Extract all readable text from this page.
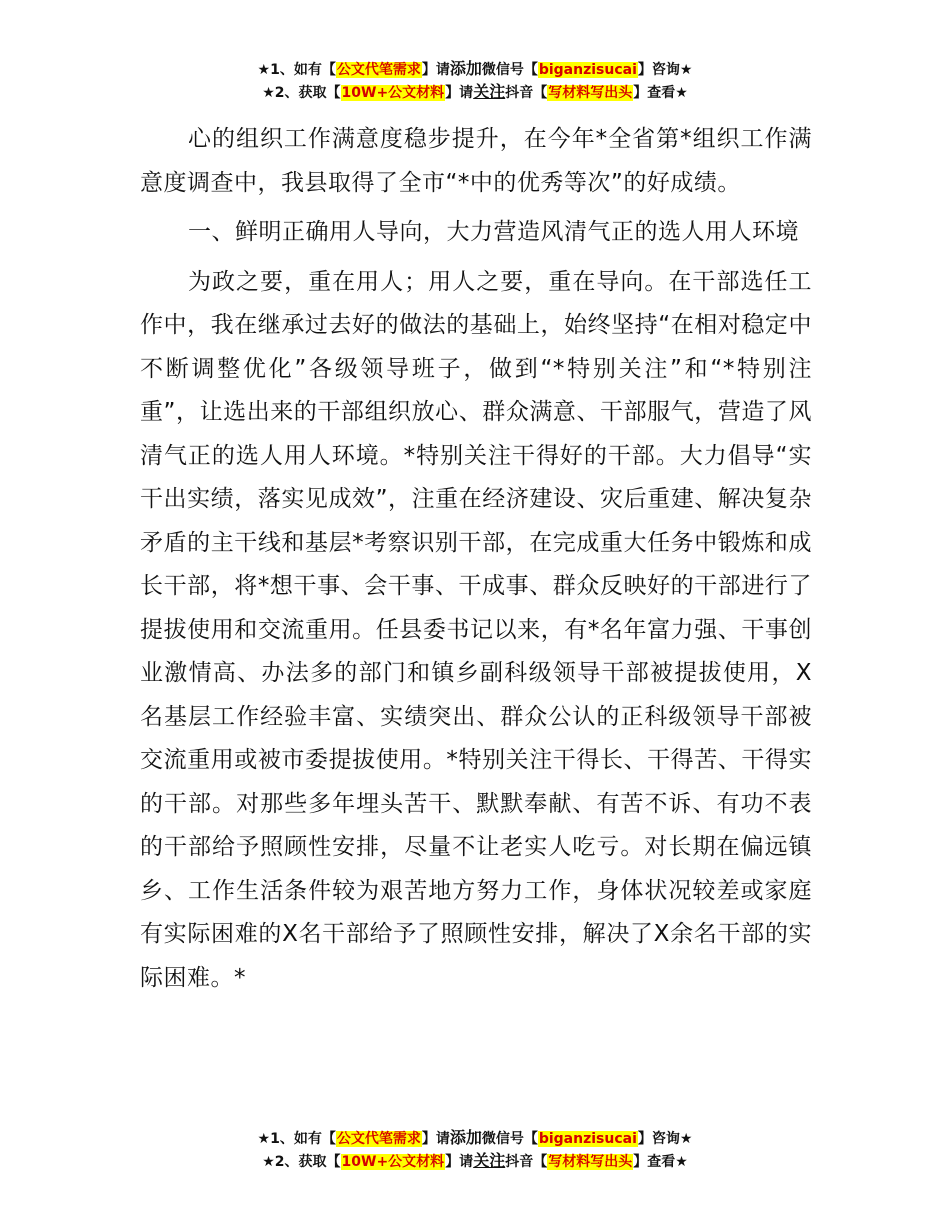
★1、如有【公文代笔需求】请添加微信号【biganzisucai】咨询★
★2、获取【10W+公文材料】请关注抖音【写材料写出头】查看★

心的组织工作满意度稳步提升，在今年*全省第*组织工作满意度调查中，我县取得了全市“*中的优秀等次”的好成绩。

一、鲜明正确用人导向，大力营造风清气正的选人用人环境

为政之要，重在用人；用人之要，重在导向。在干部选任工作中，我在继承过去好的做法的基础上，始终坚持“在相对稳定中不断调整优化”各级领导班子，做到“*特别关注”和“*特别注重”，让选出来的干部组织放心、群众满意、干部服气，营造了风清气正的选人用人环境。*特别关注干得好的干部。大力倡导“实干出实绩，落实见成效”，注重在经济建设、灾后重建、解决复杂矛盾的主干线和基层*考察识别干部，在完成重大任务中锻炼和成长干部，将*想干事、会干事、干成事、群众反映好的干部进行了提拔使用和交流重用。任县委书记以来，有*名年富力强、干事创业激情高、办法多的部门和镇乡副科级领导干部被提拔使用，X名基层工作经验丰富、实绩突出、群众公认的正科级领导干部被交流重用或被市委提拔使用。*特别关注干得长、干得苦、干得实的干部。对那些多年埋头苦干、默默奉献、有苦不诉、有功不表的干部给予照顾性安排，尽量不让老实人吃亏。对长期在偏远镇乡、工作生活条件较为艰苦地方努力工作，身体状况较差或家庭有实际困难的X名干部给予了照顾性安排，解决了X余名干部的实际困难。*

★1、如有【公文代笔需求】请添加微信号【biganzisucai】咨询★
★2、获取【10W+公文材料】请关注抖音【写材料写出头】查看★
